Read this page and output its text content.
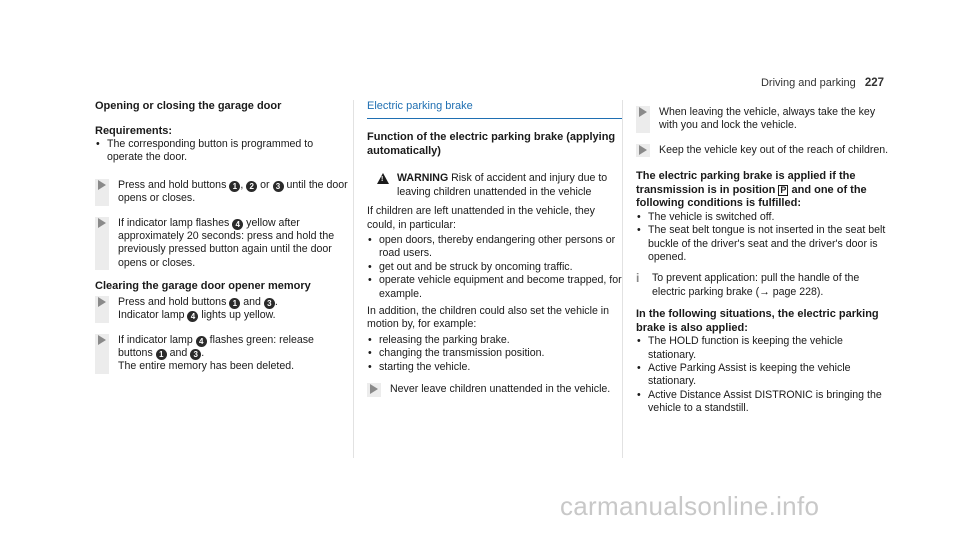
Driving and parking 227

Opening or closing the garage door

Requirements:

• The corresponding button is programmed to operate the door.
Press and hold buttons 1 , 2 or 3 until the door opens or closes.
If indicator lamp flashes 4 yellow after approximately 20 seconds: press and hold the previously pressed button again until the door opens or closes.

Clearing the garage door opener memory

Press and hold buttons 1 and 3 .
Indicator lamp 4 lights up yellow.
If indicator lamp 4 flashes green: release buttons 1 and 3 .
The entire memory has been deleted.
Electric parking brake

Function of the electric parking brake (applying automatically)

! WARNING Risk of accident and injury due to leaving children unattended in the vehicle
If children are left unattended in the vehicle, they could, in particular:
• open doors, thereby endangering other persons or road users.
• get out and be struck by oncoming traffic.
• operate vehicle equipment and become trapped, for example.
In addition, the children could also set the vehicle in motion by, for example:
• releasing the parking brake.
• changing the transmission position.
• starting the vehicle.
Never leave children unattended in the vehicle.
When leaving the vehicle, always take the key with you and lock the vehicle.
Keep the vehicle key out of the reach of children.

The electric parking brake is applied if the transmission is in position P and one of the following conditions is fulfilled:

• The vehicle is switched off.
• The seat belt tongue is not inserted in the seat belt buckle of the driver's seat and the driver's door is opened.
i	To prevent application: pull the handle of the electric parking brake (→ page 228).

In the following situations, the electric parking brake is also applied:

• The HOLD function is keeping the vehicle stationary.
• Active Parking Assist is keeping the vehicle stationary.
• Active Distance Assist DISTRONIC is bringing the vehicle to a standstill.
carmanualsonline.info
